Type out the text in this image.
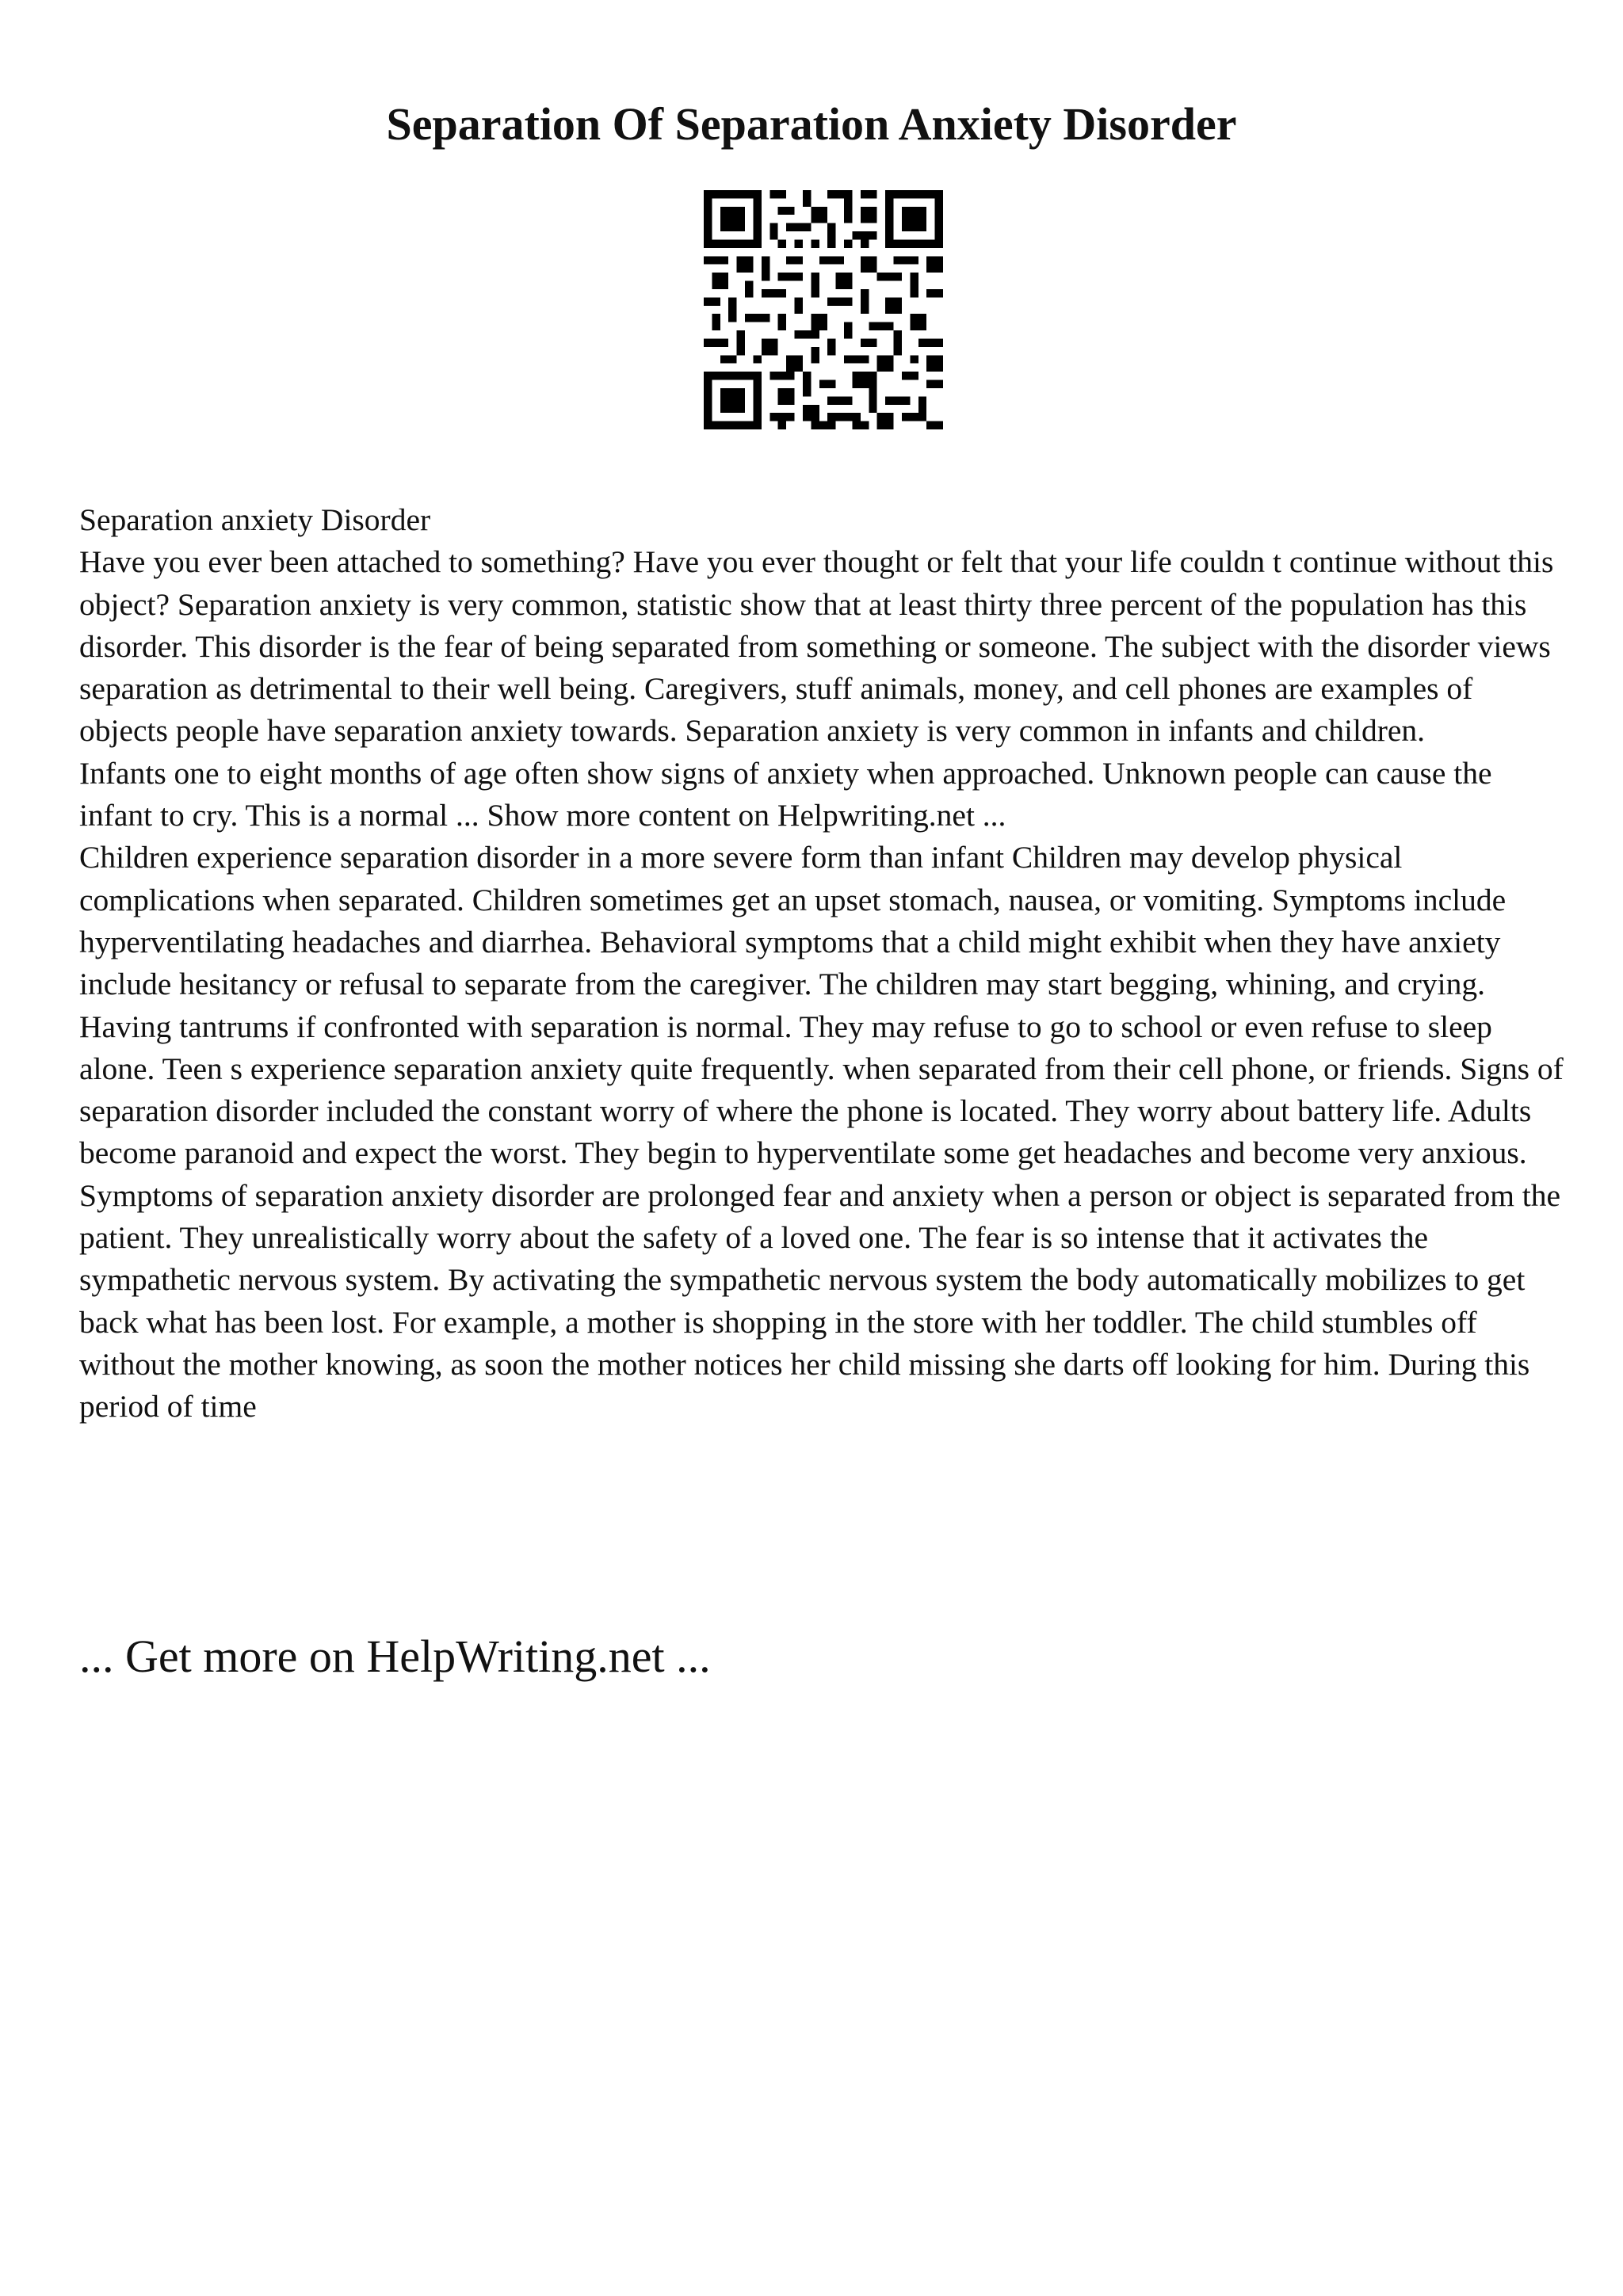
Separation Of Separation Anxiety Disorder

Separation anxiety Disorder

Have you ever been attached to something? Have you ever thought or felt that your life couldn t continue without this object? Separation anxiety is very common, statistic show that at least thirty three percent of the population has this disorder. This disorder is the fear of being separated from something or someone. The subject with the disorder views separation as detrimental to their well being. Caregivers, stuff animals, money, and cell phones are examples of objects people have separation anxiety towards. Separation anxiety is very common in infants and children.

Infants one to eight months of age often show signs of anxiety when approached. Unknown people can cause the infant to cry. This is a normal ... Show more content on Helpwriting.net ...

Children experience separation disorder in a more severe form than infant Children may develop physical complications when separated. Children sometimes get an upset stomach, nausea, or vomiting. Symptoms include hyperventilating headaches and diarrhea. Behavioral symptoms that a child might exhibit when they have anxiety include hesitancy or refusal to separate from the caregiver. The children may start begging, whining, and crying. Having tantrums if confronted with separation is normal. They may refuse to go to school or even refuse to sleep alone. Teen s experience separation anxiety quite frequently. when separated from their cell phone, or friends. Signs of separation disorder included the constant worry of where the phone is located. They worry about battery life. Adults become paranoid and expect the worst. They begin to hyperventilate some get headaches and become very anxious.

Symptoms of separation anxiety disorder are prolonged fear and anxiety when a person or object is separated from the patient. They unrealistically worry about the safety of a loved one. The fear is so intense that it activates the sympathetic nervous system. By activating the sympathetic nervous system the body automatically mobilizes to get back what has been lost. For example, a mother is shopping in the store with her toddler. The child stumbles off without the mother knowing, as soon the mother notices her child missing she darts off looking for him. During this period of time

... Get more on HelpWriting.net ...
